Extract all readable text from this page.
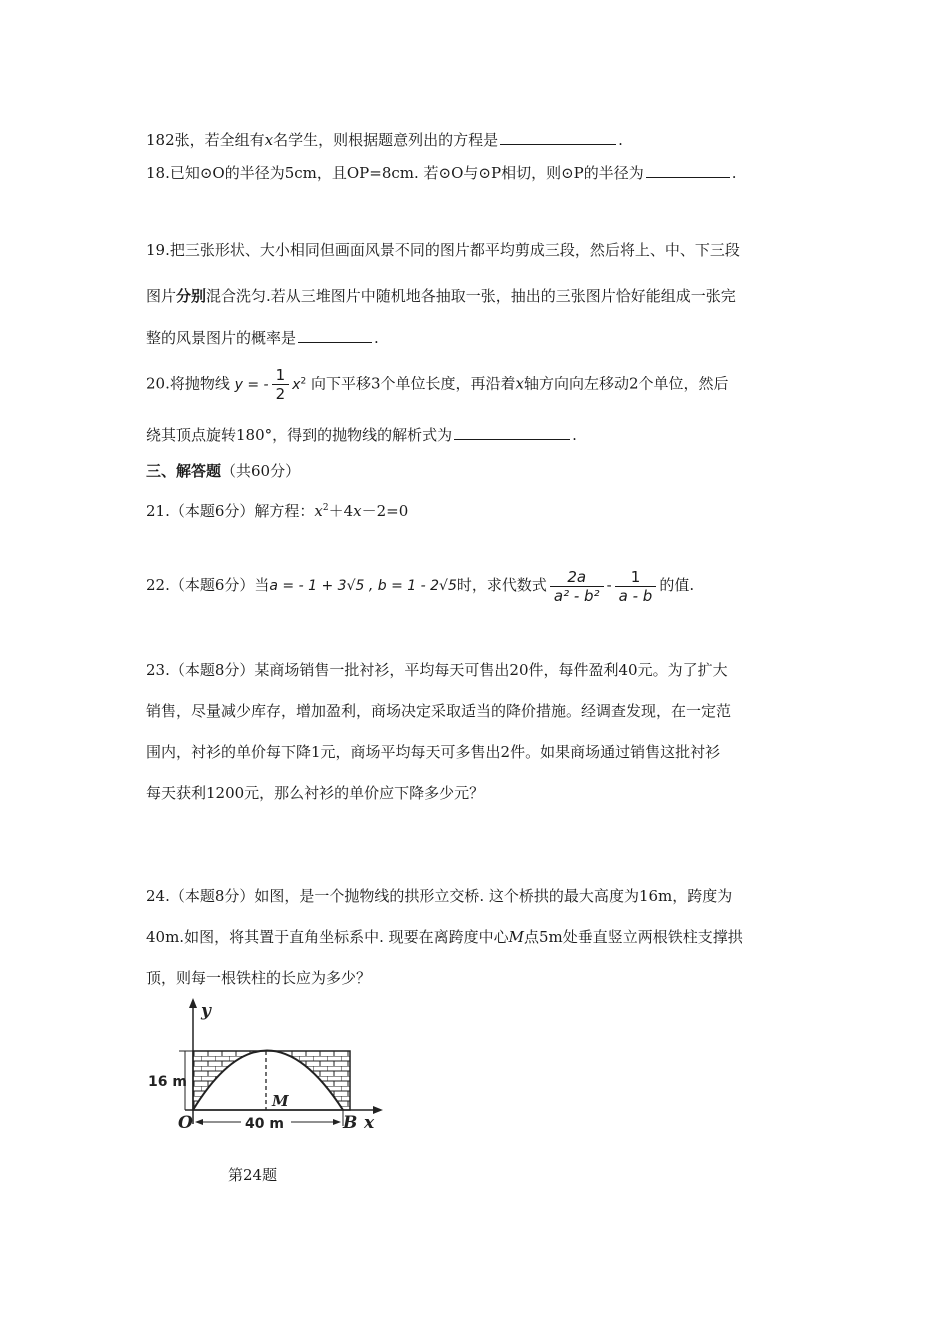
182张，若全组有x名学生，则根据题意列出的方程是	.
18.已知⊙O的半径为5cm，且OP=8cm. 若⊙O与⊙P相切，则⊙P的半径为	.
19.把三张形状、大小相同但画面风景不同的图片都平均剪成三段，然后将上、中、下三段
图片分别混合洗匀.若从三堆图片中随机地各抽取一张，抽出的三张图片恰好能组成一张完
整的风景图片的概率是	.
20.将抛物线 y = - $\frac{1}{2} x^2$ 向下平移3个单位长度，再沿着x轴方向向左移动2个单位，然后
绕其顶点旋转180°，得到的抛物线的解析式为	.
三、解答题（共60分）
21.（本题6分）解方程：$x^2+4x-2=0$
22.（本题6分）当a = - 1 + 3√5 , b = 1 - 2√5时，求代数式 $\frac{2a}{\text{a² - b²}} - \frac{1}{a - b}$ 的值.
23.（本题8分）某商场销售一批衬衫，平均每天可售出20件，每件盈利40元。为了扩大
销售，尽量减少库存，增加盈利，商场决定采取适当的降价措施。经调查发现，在一定范
围内，衬衫的单价每下降1元，商场平均每天可多售出2件。如果商场通过销售这批衬衫
每天获利1200元，那么衬衫的单价应下降多少元？
24.（本题8分）如图，是一个抛物线的拱形立交桥. 这个桥拱的最大高度为16m，跨度为
40m.如图，将其置于直角坐标系中. 现要在离跨度中心M点5m处垂直竖立两根铁柱支撑拱
顶，则每一根铁柱的长应为多少？
y
16 m
M
O	40 m	B x
第24题
